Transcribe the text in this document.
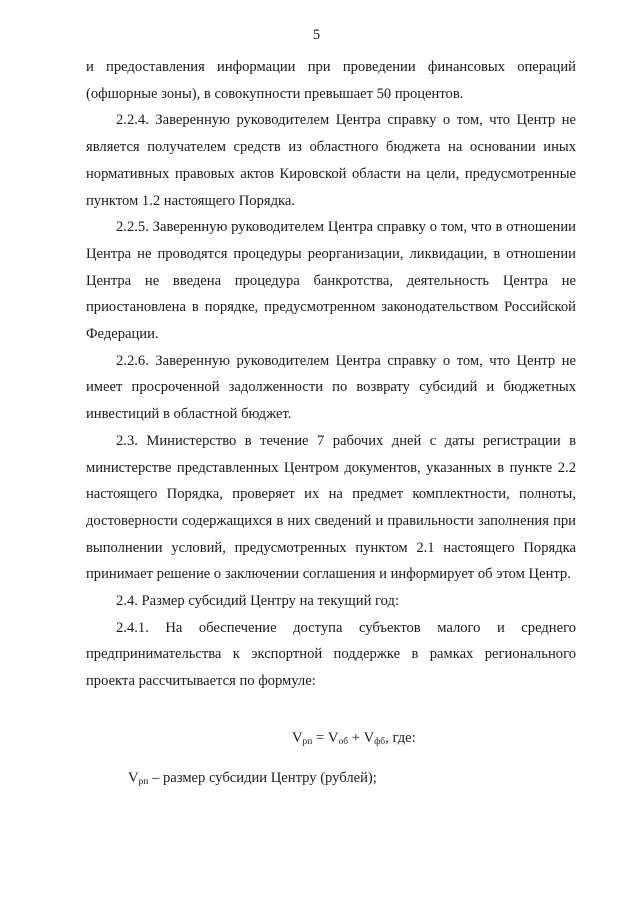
5

и предоставления информации при проведении финансовых операций (офшорные зоны), в совокупности превышает 50 процентов.

2.2.4. Заверенную руководителем Центра справку о том, что Центр не является получателем средств из областного бюджета на основании иных нормативных правовых актов Кировской области на цели, предусмотренные пунктом 1.2 настоящего Порядка.

2.2.5. Заверенную руководителем Центра справку о том, что в отношении Центра не проводятся процедуры реорганизации, ликвидации, в отношении Центра не введена процедура банкротства, деятельность Центра не приостановлена в порядке, предусмотренном законодательством Российской Федерации.

2.2.6. Заверенную руководителем Центра справку о том, что Центр не имеет просроченной задолженности по возврату субсидий и бюджетных инвестиций в областной бюджет.

2.3. Министерство в течение 7 рабочих дней с даты регистрации в министерстве представленных Центром документов, указанных в пункте 2.2 настоящего Порядка, проверяет их на предмет комплектности, полноты, достоверности содержащихся в них сведений и правильности заполнения при выполнении условий, предусмотренных пунктом 2.1 настоящего Порядка принимает решение о заключении соглашения и информирует об этом Центр.

2.4. Размер субсидий Центру на текущий год:

2.4.1. На обеспечение доступа субъектов малого и среднего предпринимательства к экспортной поддержке в рамках регионального проекта рассчитывается по формуле:

$V_{рп} = V_{об} + V_{фб}$, где:

$V_{рп}$ – размер субсидии Центру (рублей);
